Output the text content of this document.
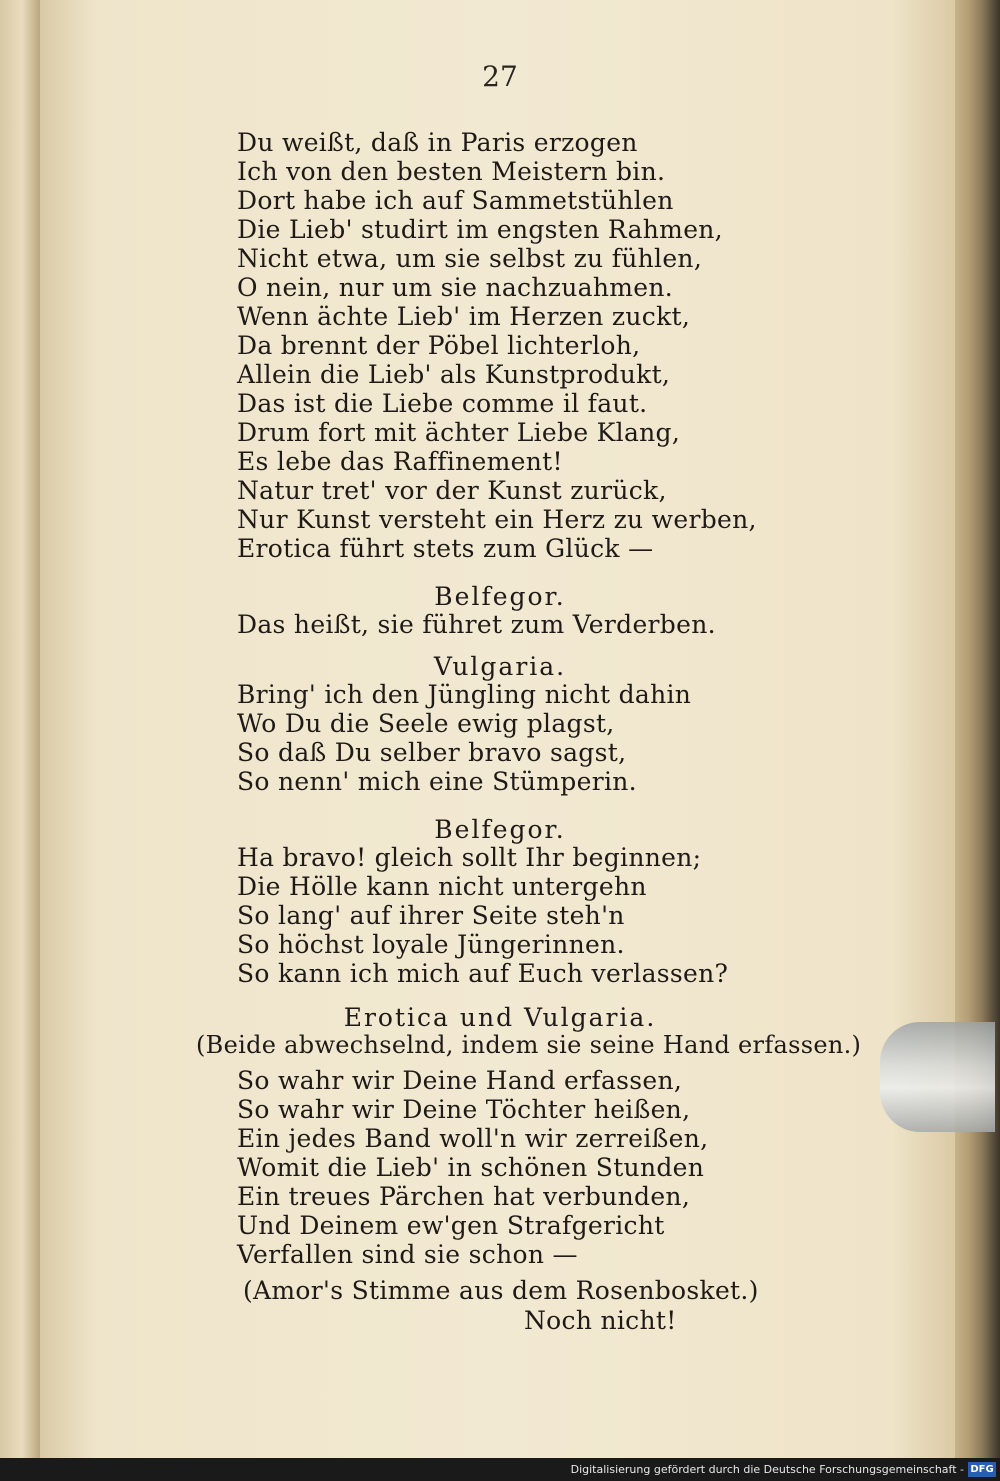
27
Du weißt, daß in Paris erzogen
Ich von den besten Meistern bin.
Dort habe ich auf Sammetstühlen
Die Lieb' studirt im engsten Rahmen,
Nicht etwa, um sie selbst zu fühlen,
O nein, nur um sie nachzuahmen.
Wenn ächte Lieb' im Herzen zuckt,
Da brennt der Pöbel lichterloh,
Allein die Lieb' als Kunstprodukt,
Das ist die Liebe comme il faut.
Drum fort mit ächter Liebe Klang,
Es lebe das Raffinement!
Natur tret' vor der Kunst zurück,
Nur Kunst versteht ein Herz zu werben,
Erotica führt stets zum Glück —
Belfegor.
Das heißt, sie führet zum Verderben.
Vulgaria.
Bring' ich den Jüngling nicht dahin
Wo Du die Seele ewig plagst,
So daß Du selber bravo sagst,
So nenn' mich eine Stümperin.
Belfegor.
Ha bravo! gleich sollt Ihr beginnen;
Die Hölle kann nicht untergehn
So lang' auf ihrer Seite steh'n
So höchst loyale Jüngerinnen.
So kann ich mich auf Euch verlassen?
Erotica und Vulgaria.
(Beide abwechselnd, indem sie seine Hand erfassen.)
So wahr wir Deine Hand erfassen,
So wahr wir Deine Töchter heißen,
Ein jedes Band woll'n wir zerreißen,
Womit die Lieb' in schönen Stunden
Ein treues Pärchen hat verbunden,
Und Deinem ew'gen Strafgericht
Verfallen sind sie schon —
(Amor's Stimme aus dem Rosenbosket.)
Noch nicht!
Digitalisierung gefördert durch die Deutsche Forschungsgemeinschaft - DFG
